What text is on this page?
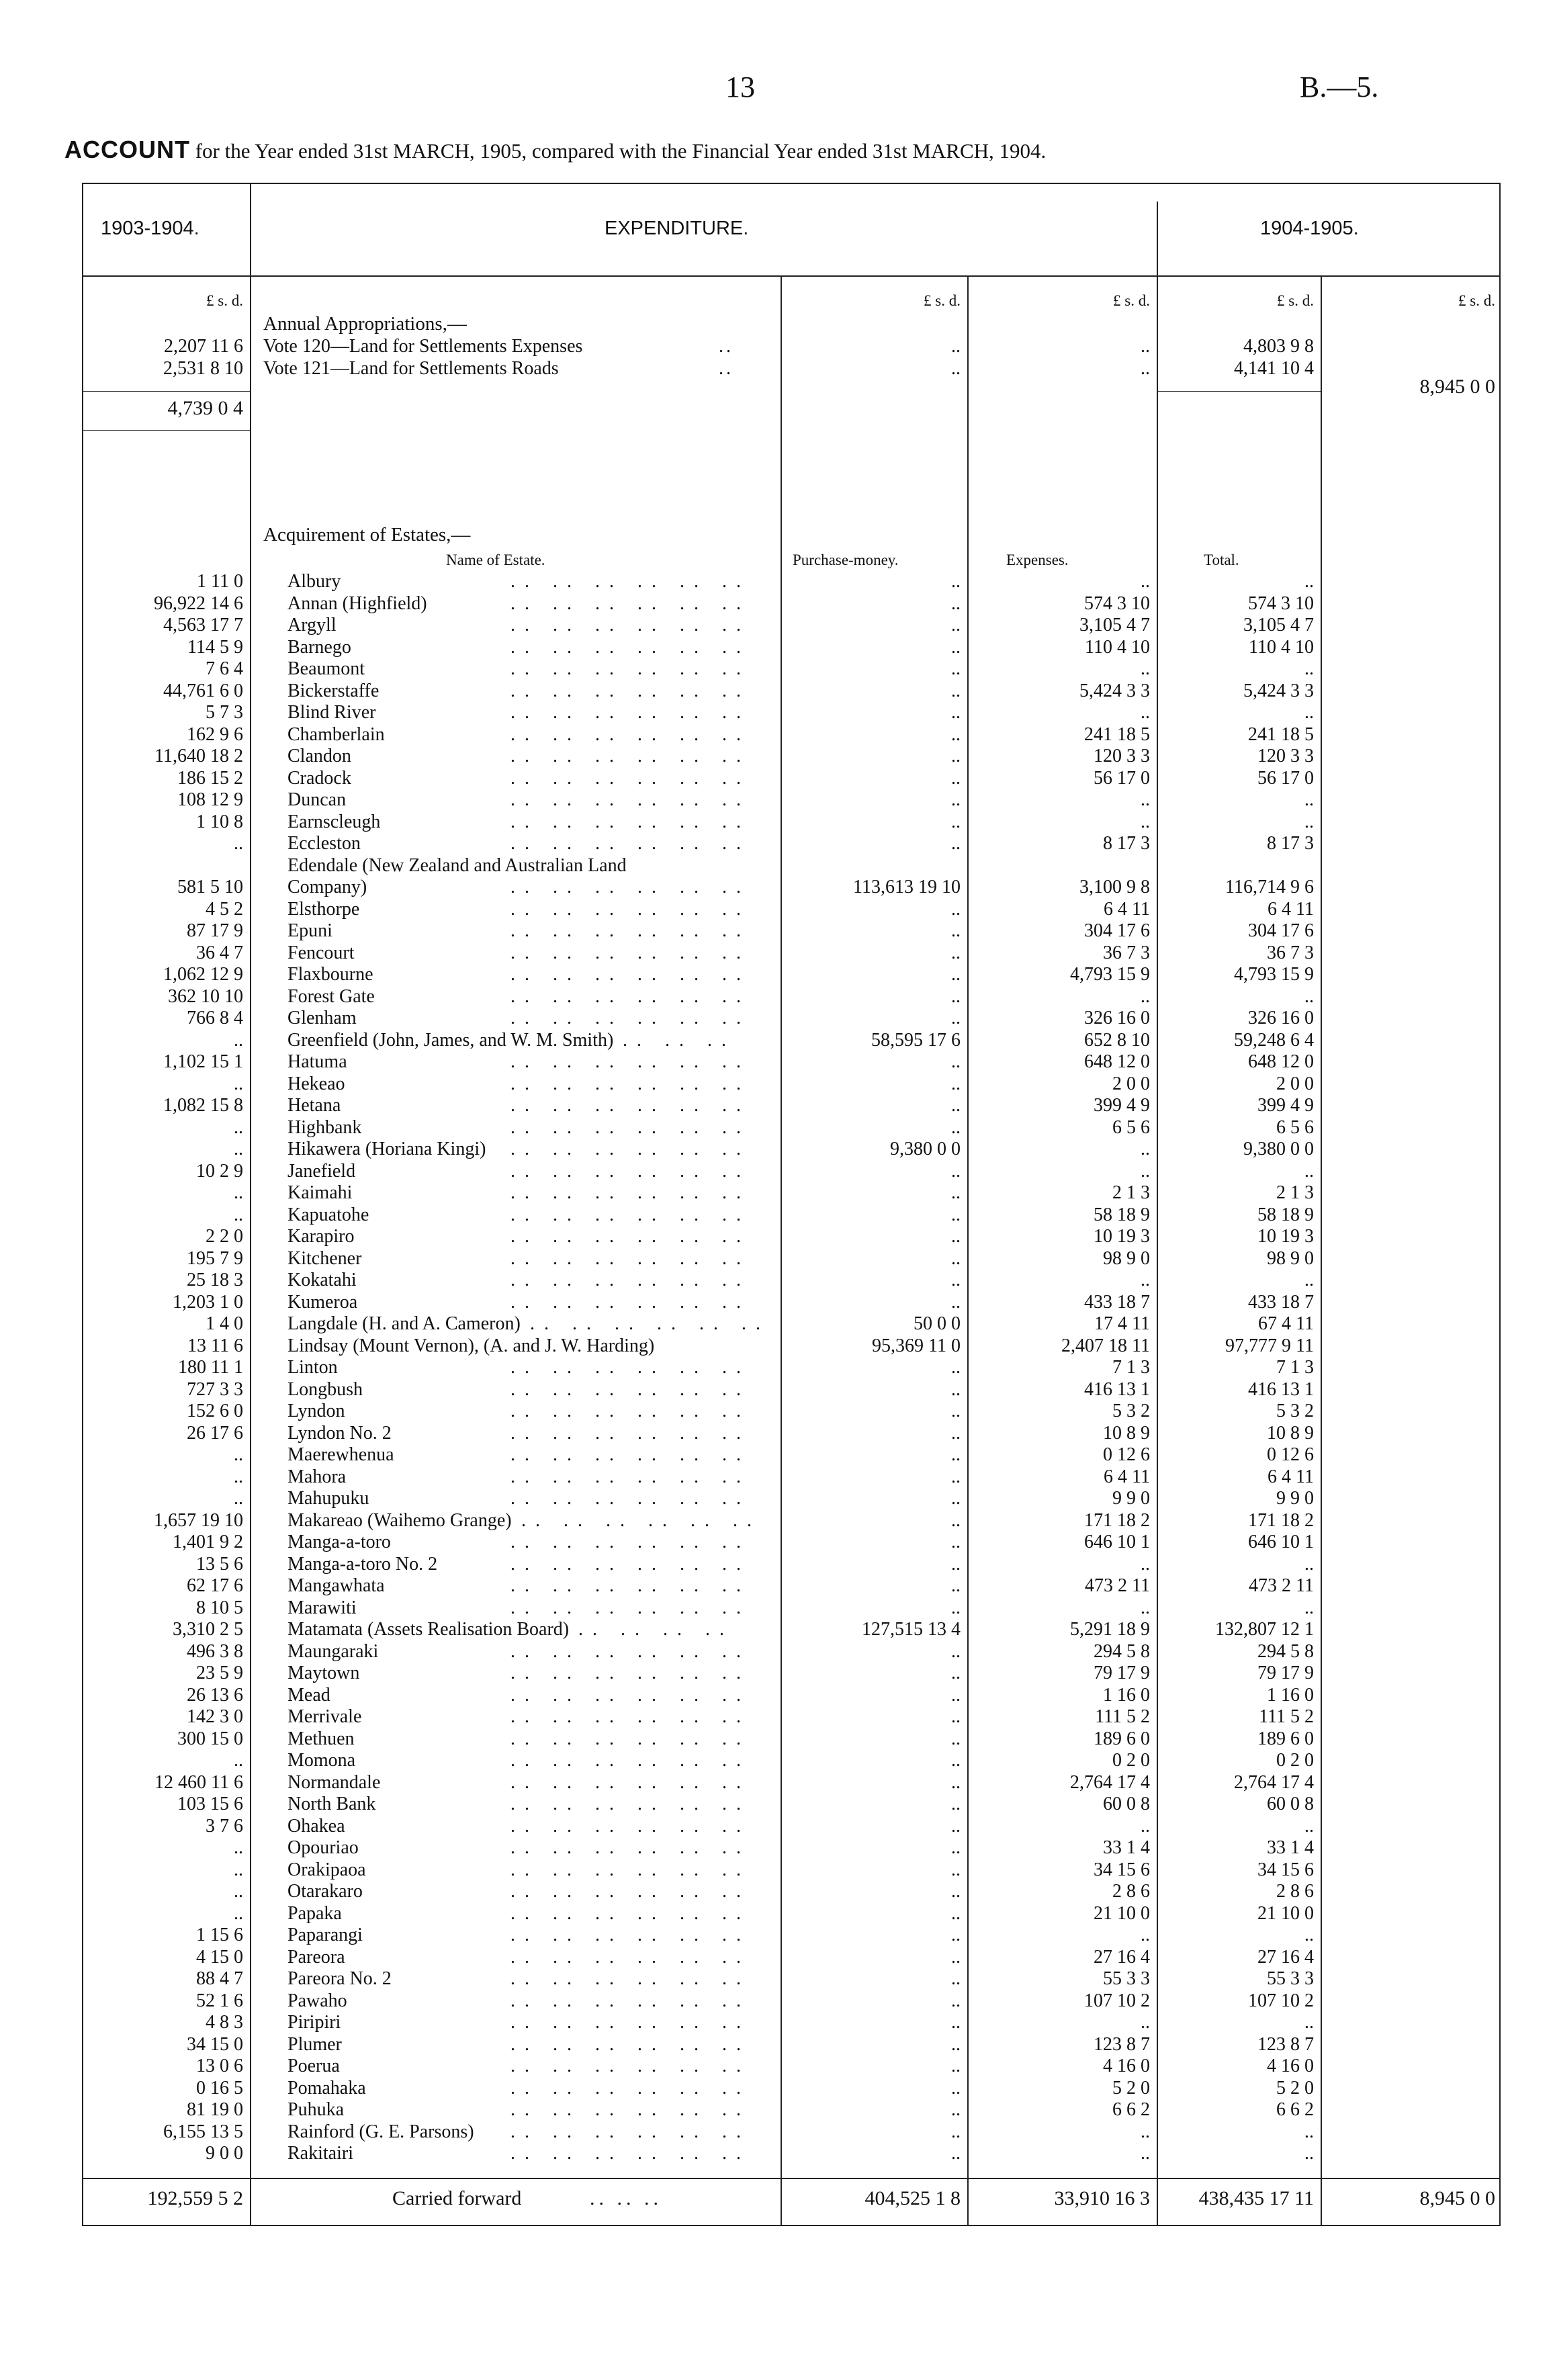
13	B.—5.
ACCOUNT for the Year ended 31st MARCH, 1905, compared with the Financial Year ended 31st MARCH, 1904.
1903-1904.	EXPENDITURE.	1904-1905.
£ s. d.	£ s. d.	£ s. d.	£ s. d.	£ s. d.
Annual Appropriations,—
2,207 11 6 Vote 120—Land for Settlements Expenses	..	..	..	4,803 9 8
2,531 8 10 Vote 121—Land for Settlements Roads	..	..	..	4,141 10 4
4,739 0 4
8,945 0 0
Acquirement of Estates,—
Name of Estate.	Purchase-money.	Expenses.	Total.
1 11 0 Albury	.. .. .. .. .. ..	..	..	..
96,922 14 6 Annan (Highfield)	.. .. .. .. .. ..	..	574 3 10	574 3 10
4,563 17 7 Argyll	.. .. .. .. .. ..	..	3,105 4 7	3,105 4 7
114 5 9 Barnego	.. .. .. .. .. ..	..	110 4 10	110 4 10
7 6 4 Beaumont	.. .. .. .. .. ..	..	..	..
44,761 6 0 Bickerstaffe	.. .. .. .. .. ..	..	5,424 3 3	5,424 3 3
5 7 3 Blind River	.. .. .. .. .. ..	..	..	..
162 9 6 Chamberlain	.. .. .. .. .. ..	..	241 18 5	241 18 5
11,640 18 2 Clandon	.. .. .. .. .. ..	..	120 3 3	120 3 3
186 15 2 Cradock	.. .. .. .. .. ..	..	56 17 0	56 17 0
108 12 9 Duncan	.. .. .. .. .. ..	..	..	..
1 10 8 Earnscleugh	.. .. .. .. .. ..	..	..	..
.. Eccleston	.. .. .. .. .. ..	..	8 17 3	8 17 3
Edendale (New Zealand and Australian Land
581 5 10 Company)	.. .. .. .. .. ..	113,613 19 10	3,100 9 8	116,714 9 6
4 5 2 Elsthorpe	.. .. .. .. .. ..	..	6 4 11	6 4 11
87 17 9 Epuni	.. .. .. .. .. ..	..	304 17 6	304 17 6
36 4 7 Fencourt	.. .. .. .. .. ..	..	36 7 3	36 7 3
1,062 12 9 Flaxbourne	.. .. .. .. .. ..	..	4,793 15 9	4,793 15 9
362 10 10 Forest Gate	.. .. .. .. .. ..	..	..	..
766 8 4 Glenham	.. .. .. .. .. ..	..	326 16 0	326 16 0
.. Greenfield (John, James, and W. M. Smith) .. .. ..	58,595 17 6	652 8 10	59,248 6 4
1,102 15 1 Hatuma	.. .. .. .. .. ..	..	648 12 0	648 12 0
.. Hekeao	.. .. .. .. .. ..	..	2 0 0	2 0 0
1,082 15 8 Hetana	.. .. .. .. .. ..	..	399 4 9	399 4 9
.. Highbank	.. .. .. .. .. ..	..	6 5 6	6 5 6
.. Hikawera (Horiana Kingi) .. .. .. .. .. ..	9,380 0 0	..	9,380 0 0
10 2 9 Janefield	.. .. .. .. .. ..	..	..	..
.. Kaimahi	.. .. .. .. .. ..	..	2 1 3	2 1 3
.. Kapuatohe	.. .. .. .. .. ..	..	58 18 9	58 18 9
2 2 0 Karapiro	.. .. .. .. .. ..	..	10 19 3	10 19 3
195 7 9 Kitchener	.. .. .. .. .. ..	..	98 9 0	98 9 0
25 18 3 Kokatahi	.. .. .. .. .. ..	..	..	..
1,203 1 0 Kumeroa	.. .. .. .. .. ..	..	433 18 7	433 18 7
1 4 0 Langdale (H. and A. Cameron) .. .. .. .. .. ..	50 0 0	17 4 11	67 4 11
13 11 6 Lindsay (Mount Vernon), (A. and J. W. Harding)	95,369 11 0	2,407 18 11	97,777 9 11
180 11 1 Linton	.. .. .. .. .. ..	..	7 1 3	7 1 3
727 3 3 Longbush	.. .. .. .. .. ..	..	416 13 1	416 13 1
152 6 0 Lyndon	.. .. .. .. .. ..	..	5 3 2	5 3 2
26 17 6 Lyndon No. 2	.. .. .. .. .. ..	..	10 8 9	10 8 9
.. Maerewhenua	.. .. .. .. .. ..	..	0 12 6	0 12 6
.. Mahora	.. .. .. .. .. ..	..	6 4 11	6 4 11
.. Mahupuku	.. .. .. .. .. ..	..	9 9 0	9 9 0
1,657 19 10 Makareao (Waihemo Grange) .. .. .. .. .. ..	..	171 18 2	171 18 2
1,401 9 2 Manga-a-toro	.. .. .. .. .. ..	..	646 10 1	646 10 1
13 5 6 Manga-a-toro No. 2	.. .. .. .. .. ..	..	..	..
62 17 6 Mangawhata	.. .. .. .. .. ..	..	473 2 11	473 2 11
8 10 5 Marawiti	.. .. .. .. .. ..	..	..	..
3,310 2 5 Matamata (Assets Realisation Board) .. .. .. ..	127,515 13 4	5,291 18 9	132,807 12 1
496 3 8 Maungaraki	.. .. .. .. .. ..	..	294 5 8	294 5 8
23 5 9 Maytown	.. .. .. .. .. ..	..	79 17 9	79 17 9
26 13 6 Mead	.. .. .. .. .. ..	..	1 16 0	1 16 0
142 3 0 Merrivale	.. .. .. .. .. ..	..	111 5 2	111 5 2
300 15 0 Methuen	.. .. .. .. .. ..	..	189 6 0	189 6 0
.. Momona	.. .. .. .. .. ..	..	0 2 0	0 2 0
12 460 11 6 Normandale	.. .. .. .. .. ..	..	2,764 17 4	2,764 17 4
103 15 6 North Bank	.. .. .. .. .. ..	..	60 0 8	60 0 8
3 7 6 Ohakea	.. .. .. .. .. ..	..	..	..
.. Opouriao	.. .. .. .. .. ..	..	33 1 4	33 1 4
.. Orakipaoa	.. .. .. .. .. ..	..	34 15 6	34 15 6
.. Otarakaro	.. .. .. .. .. ..	..	2 8 6	2 8 6
.. Papaka	.. .. .. .. .. ..	..	21 10 0	21 10 0
1 15 6 Paparangi	.. .. .. .. .. ..	..	..	..
4 15 0 Pareora	.. .. .. .. .. ..	..	27 16 4	27 16 4
88 4 7 Pareora No. 2	.. .. .. .. .. ..	..	55 3 3	55 3 3
52 1 6 Pawaho	.. .. .. .. .. ..	..	107 10 2	107 10 2
4 8 3 Piripiri	.. .. .. .. .. ..	..	..	..
34 15 0 Plumer	.. .. .. .. .. ..	..	123 8 7	123 8 7
13 0 6 Poerua	.. .. .. .. .. ..	..	4 16 0	4 16 0
0 16 5 Pomahaka	.. .. .. .. .. ..	..	5 2 0	5 2 0
81 19 0 Puhuka	.. .. .. .. .. ..	..	6 6 2	6 6 2
6,155 13 5 Rainford (G. E. Parsons) .. .. .. .. .. ..	..	..	..
9 0 0 Rakitairi	.. .. .. .. .. ..	..	..	..
192,559 5 2	Carried forward	.. .. ..	404,525 1 8	33,910 16 3	438,435 17 11	8,945 0 0
